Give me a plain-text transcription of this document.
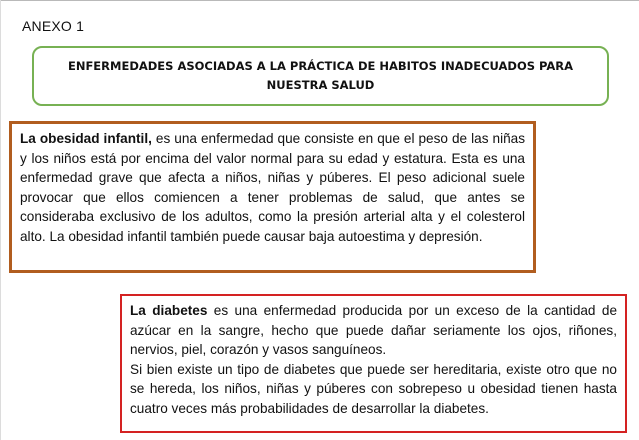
ANEXO 1
ENFERMEDADES ASOCIADAS A LA PRÁCTICA DE HABITOS INADECUADOS PARA
NUESTRA SALUD

La obesidad infantil, es una enfermedad que consiste en que el peso de las niñas y los niños está por encima del valor normal para su edad y estatura. Esta es una enfermedad grave que afecta a niños, niñas y púberes. El peso adicional suele provocar que ellos comiencen a tener problemas de salud, que antes se consideraba exclusivo de los adultos, como la presión arterial alta y el colesterol alto. La obesidad infantil también puede causar baja autoestima y depresión.

La diabetes es una enfermedad producida por un exceso de la cantidad de azúcar en la sangre, hecho que puede dañar seriamente los ojos, riñones, nervios, piel, corazón y vasos sanguíneos.

Si bien existe un tipo de diabetes que puede ser hereditaria, existe otro que no se hereda, los niños, niñas y púberes con sobrepeso u obesidad tienen hasta cuatro veces más probabilidades de desarrollar la diabetes.
